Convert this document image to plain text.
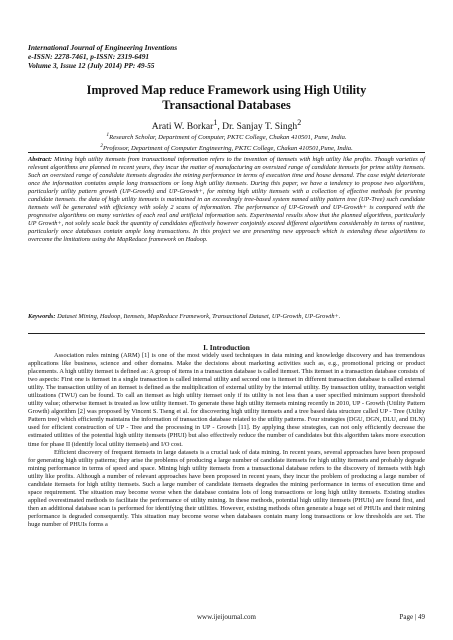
International Journal of Engineering Inventions
e-ISSN: 2278-7461, p-ISSN: 2319-6491
Volume 3, Issue 12 (July 2014) PP: 49-55
Improved Map reduce Framework using High Utility
Transactional Databases
Arati W. Borkar$^1$, Dr. Sanjay T. Singh$^2$
$^1$Research Scholar, Department of Computer, PKTC College, Chakan 410501, Pune, India.
$^2$Professor, Department of Computer Engineering, PKTC College, Chakan 410501,Pune, India.
Abstract: Mining high utility itemsets from transactional information refers to the invention of itemsets with high utility like profits. Though varieties of relevant algorithms are planned in recent years, they incur the matter of manufacturing an oversized range of candidate itemsets for prime utility itemsets. Such an oversized range of candidate itemsets degrades the mining performance in terms of execution time and house demand. The case might deteriorate once the information contains ample long transactions or long high utility itemsets. During this paper, we have a tendency to propose two algorithms, particularly utility pattern growth (UP-Growth) and UP-Growth+, for mining high utility itemsets with a collection of effective methods for pruning candidate itemsets. the data of high utility itemsets is maintained in an exceedingly tree-based system named utility pattern tree (UP-Tree) such candidate itemsets will be generated with efficiency with solely 2 scans of information. The performance of UP-Growth and UP-Growth+ is compared with the progressive algorithms on many varieties of each real and artificial information sets. Experimental results show that the planned algorithms, particularly UP Growth+, not solely scale back the quantity of candidates effectively however conjointly exceed different algorithms considerably in terms of runtime, particularly once databases contain ample long transactions. In this project we are presenting new approach which is extending these algorithms to overcome the limitations using the MapReduce framework on Hadoop.
Keywords: Dataset Mining, Hadoop, Itemsets, MapReduce Framework, Transactional Dataset, UP-Growth, UP-Growth+.
I. Introduction

Association rules mining (ARM) [1] is one of the most widely used techniques in data mining and knowledge discovery and has tremendous applications like business, science and other domains. Make the decisions about marketing activities such as, e.g., promotional pricing or product placements. A high utility itemset is defined as: A group of items in a transaction database is called itemset. This itemset in a transaction database consists of two aspects: First one is itemset in a single transaction is called internal utility and second one is itemset in different transaction database is called external utility. The transaction utility of an itemset is defined as the multiplication of external utility by the internal utility. By transaction utility, transaction weight utilizations (TWU) can be found. To call an itemset as high utility itemset only if its utility is not less than a user specified minimum support threshold utility value; otherwise itemset is treated as low utility itemset. To generate these high utility itemsets mining recently in 2010, UP - Growth (Utility Pattern Growth) algorithm [2] was proposed by Vincent S. Tseng et al. for discovering high utility itemsets and a tree based data structure called UP - Tree (Utility Pattern tree) which efficiently maintains the information of transaction database related to the utility patterns. Four strategies (DGU, DGN, DLU, and DLN) used for efficient construction of UP - Tree and the processing in UP - Growth [11]. By applying these strategies, can not only efficiently decrease the estimated utilities of the potential high utility itemsets (PHUI) but also effectively reduce the number of candidates but this algorithm takes more execution time for phase II (identify local utility itemsets) and I/O cost.

Efficient discovery of frequent itemsets in large datasets is a crucial task of data mining. In recent years, several approaches have been proposed for generating high utility patterns; they arise the problems of producing a large number of candidate itemsets for high utility itemsets and probably degrade mining performance in terms of speed and space. Mining high utility itemsets from a transactional database refers to the discovery of itemsets with high utility like profits. Although a number of relevant approaches have been proposed in recent years, they incur the problem of producing a large number of candidate itemsets for high utility itemsets. Such a large number of candidate itemsets degrades the mining performance in terms of execution time and space requirement. The situation may become worse when the database contains lots of long transactions or long high utility itemsets. Existing studies applied overestimated methods to facilitate the performance of utility mining. In these methods, potential high utility itemsets (PHUIs) are found first, and then an additional database scan is performed for identifying their utilities. However, existing methods often generate a huge set of PHUIs and their mining performance is degraded consequently. This situation may become worse when databases contain many long transactions or low thresholds are set. The huge number of PHUIs forms a

www.ijeijournal.com	Page | 49
